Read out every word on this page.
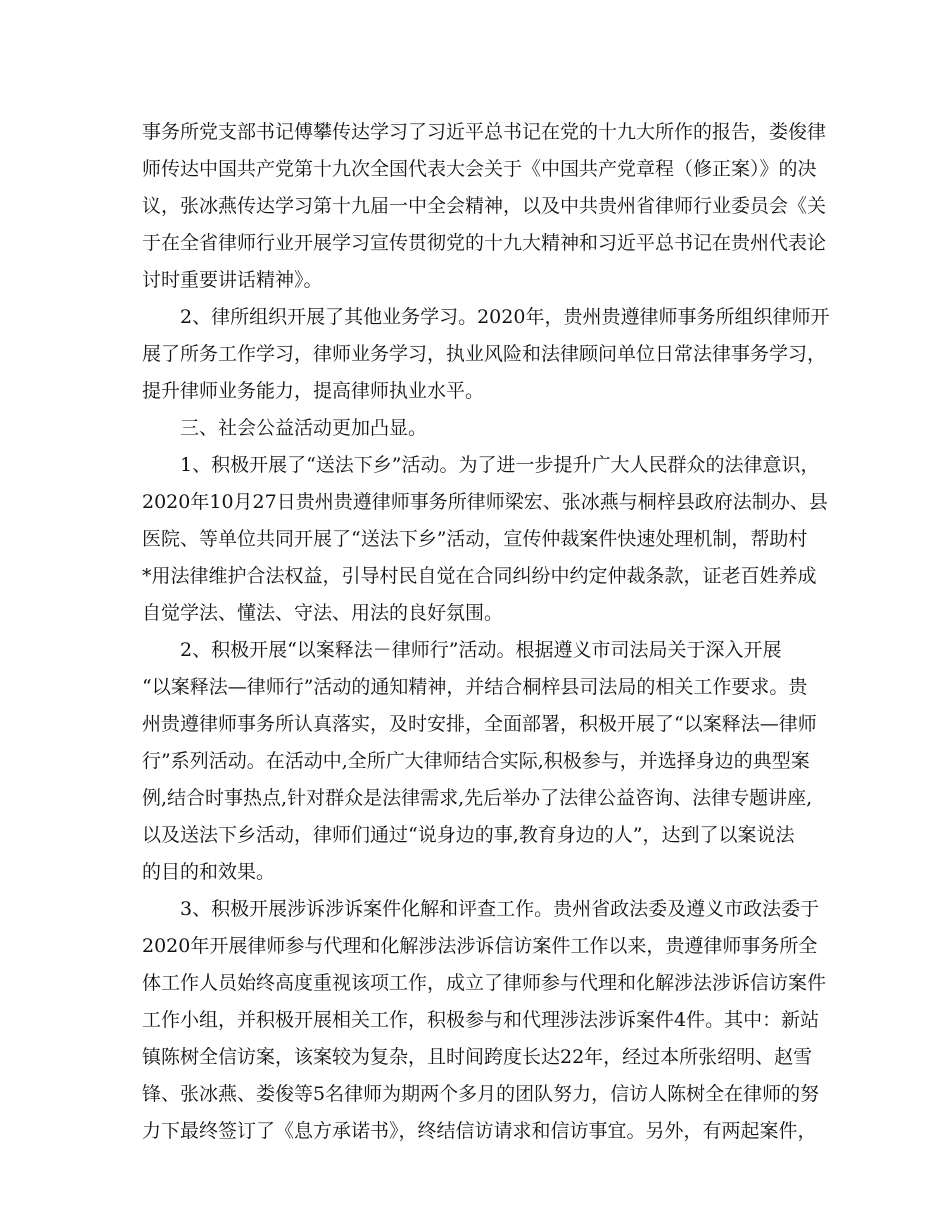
事务所党支部书记傅攀传达学习了习近平总书记在党的十九大所作的报告，娄俊律
师传达中国共产党第十九次全国代表大会关于《中国共产党章程（修正案）》的决
议，张冰燕传达学习第十九届一中全会精神，以及中共贵州省律师行业委员会《关
于在全省律师行业开展学习宣传贯彻党的十九大精神和习近平总书记在贵州代表论
讨时重要讲话精神》。
2、律所组织开展了其他业务学习。2020年，贵州贵遵律师事务所组织律师开
展了所务工作学习，律师业务学习，执业风险和法律顾问单位日常法律事务学习，
提升律师业务能力，提高律师执业水平。
三、社会公益活动更加凸显。
1、积极开展了“送法下乡”活动。为了进一步提升广大人民群众的法律意识，
2020年10月27日贵州贵遵律师事务所律师梁宏、张冰燕与桐梓县政府法制办、县
医院、等单位共同开展了“送法下乡”活动，宣传仲裁案件快速处理机制，帮助村
*用法律维护合法权益，引导村民自觉在合同纠纷中约定仲裁条款，证老百姓养成
自觉学法、懂法、守法、用法的良好氛围。
2、积极开展“以案释法－律师行”活动。根据遵义市司法局关于深入开展
“以案释法—律师行”活动的通知精神，并结合桐梓县司法局的相关工作要求。贵
州贵遵律师事务所认真落实，及时安排，全面部署，积极开展了“以案释法—律师
行”系列活动。在活动中,全所广大律师结合实际,积极参与，并选择身边的典型案
例,结合时事热点,针对群众是法律需求,先后举办了法律公益咨询、法律专题讲座,
以及送法下乡活动，律师们通过“说身边的事,教育身边的人”，达到了以案说法
的目的和效果。
3、积极开展涉诉涉诉案件化解和评查工作。贵州省政法委及遵义市政法委于
2020年开展律师参与代理和化解涉法涉诉信访案件工作以来，贵遵律师事务所全
体工作人员始终高度重视该项工作，成立了律师参与代理和化解涉法涉诉信访案件
工作小组，并积极开展相关工作，积极参与和代理涉法涉诉案件4件。其中：新站
镇陈树全信访案，该案较为复杂，且时间跨度长达22年，经过本所张绍明、赵雪
锋、张冰燕、娄俊等5名律师为期两个多月的团队努力，信访人陈树全在律师的努
力下最终签订了《息方承诺书》，终结信访请求和信访事宜。另外，有两起案件，
